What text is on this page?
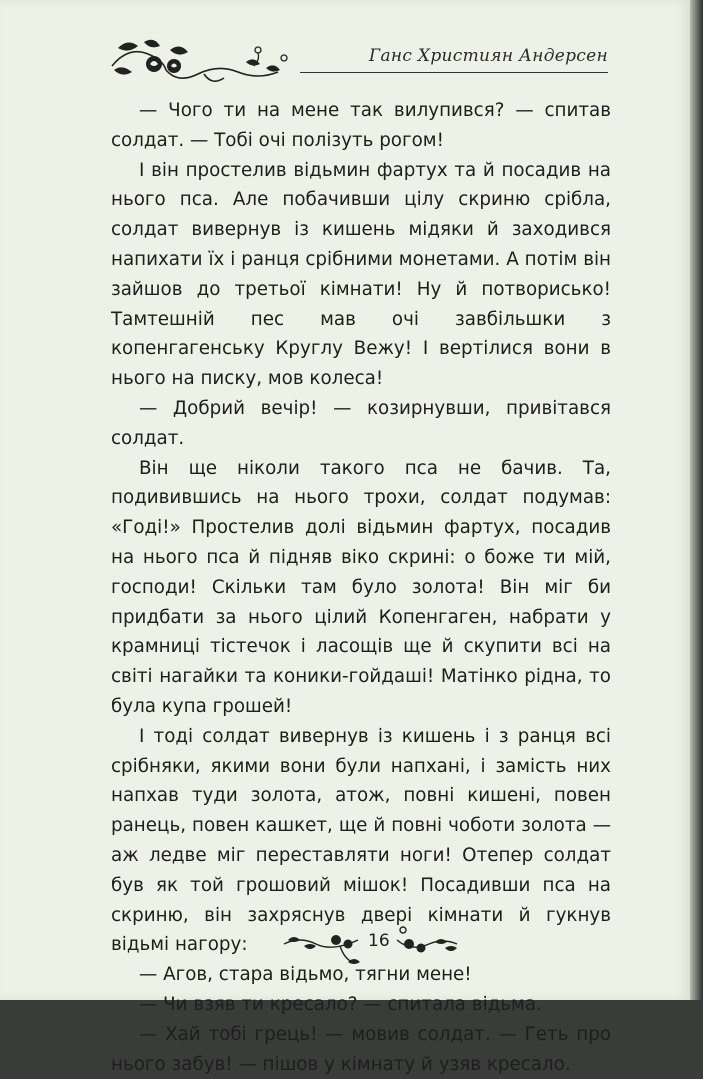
Ганс Християн Андерсен

— Чого ти на мене так вилупився? — спитав солдат. — Тобі очі полізуть рогом!

І він простелив відьмин фартух та й посадив на нього пса. Але побачивши цілу скриню срібла, солдат вивернув із кишень мідяки й заходився напихати їх і ранця срібними монетами. А потім він зайшов до третьої кімнати! Ну й потворисько! Тамтешній пес мав очі завбільшки з копенгагенську Круглу Вежу! І вертілися вони в нього на писку, мов колеса!

— Добрий вечір! — козирнувши, привітався солдат.

Він ще ніколи такого пса не бачив. Та, подивившись на нього трохи, солдат подумав: «Годі!» Простелив долі відьмин фартух, посадив на нього пса й підняв віко скрині: о боже ти мій, господи! Скільки там було золота! Він міг би придбати за нього цілий Копенгаген, набрати у крамниці тістечок і ласощів ще й скупити всі на світі нагайки та коники-гойдаші! Матінко рідна, то була купа грошей!

І тоді солдат вивернув із кишень і з ранця всі срібняки, якими вони були напхані, і замість них напхав туди золота, атож, повні кишені, повен ранець, повен кашкет, ще й повні чоботи золота — аж ледве міг переставляти ноги! Отепер солдат був як той грошовий мішок! Посадивши пса на скриню, він захряснув двері кімнати й гукнув відьмі нагору:

— Агов, стара відьмо, тягни мене!

— Чи взяв ти кресало? — спитала відьма.

— Хай тобі грець! — мовив солдат. — Геть про нього забув! — пішов у кімнату й узяв кресало.

16
